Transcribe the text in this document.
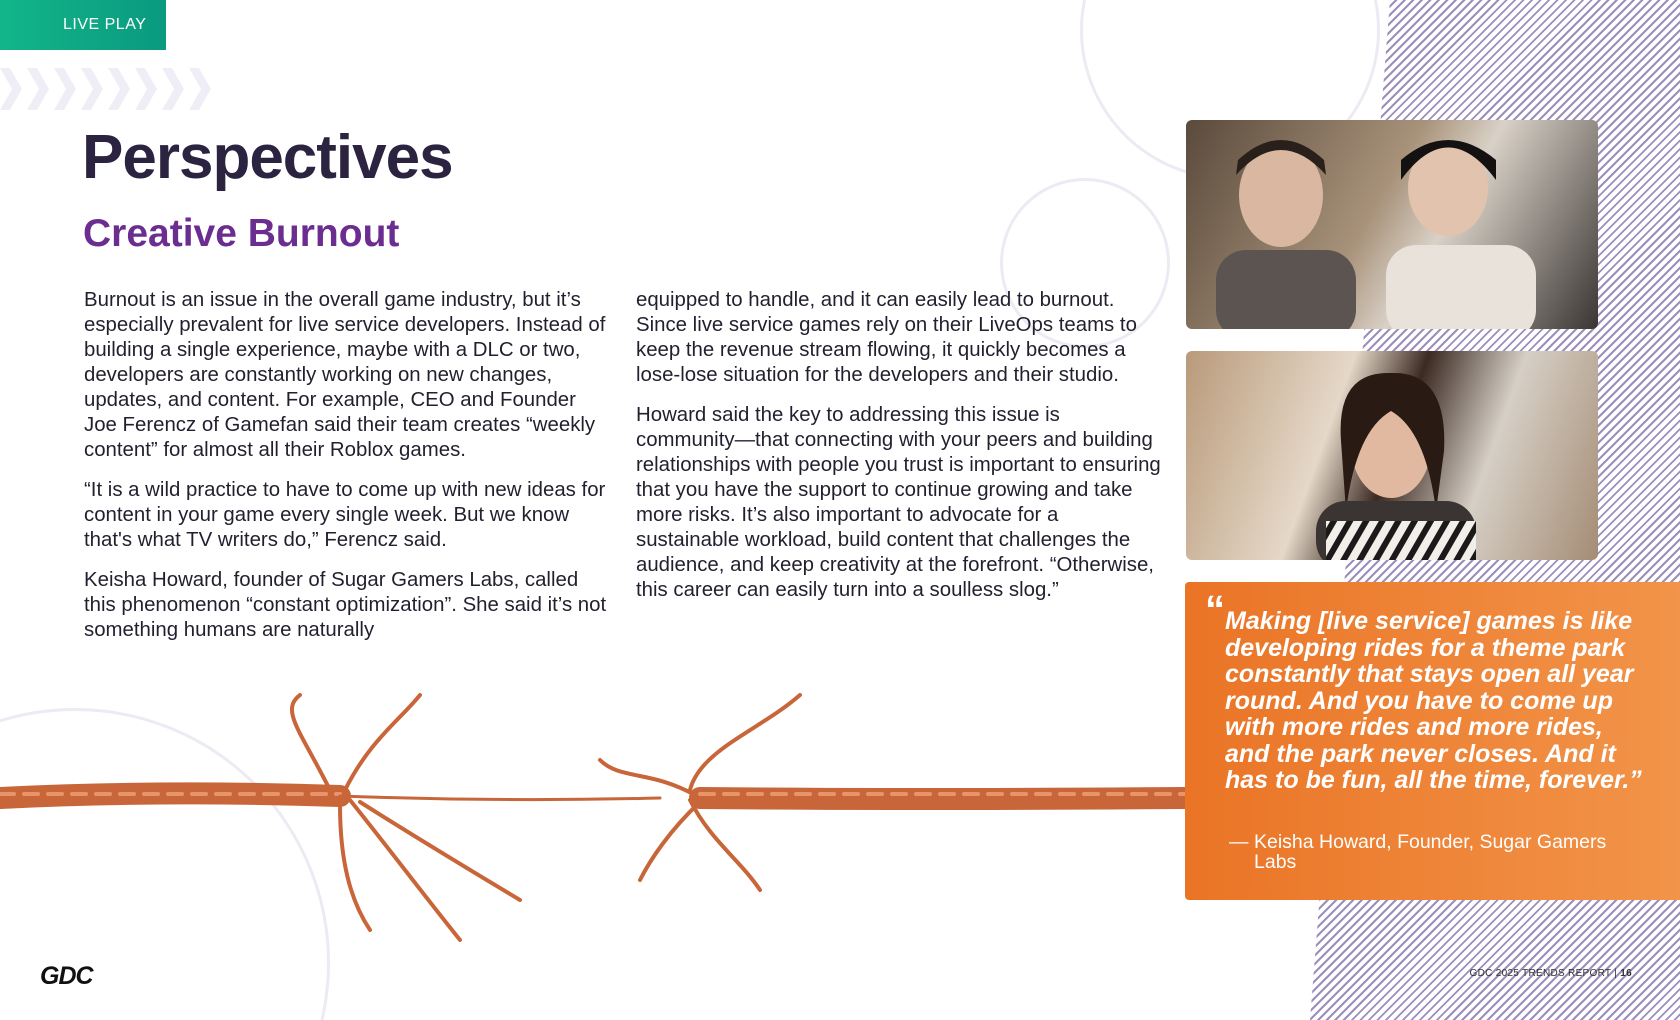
LIVE PLAY
Perspectives
Creative Burnout

Burnout is an issue in the overall game industry, but it’s especially prevalent for live service developers. Instead of building a single experience, maybe with a DLC or two, developers are constantly working on new changes, updates, and content. For example, CEO and Founder Joe Ferencz of Gamefan said their team creates “weekly content” for almost all their Roblox games.

“It is a wild practice to have to come up with new ideas for content in your game every single week. But we know that's what TV writers do,” Ferencz said.

Keisha Howard, founder of Sugar Gamers Labs, called this phenomenon “constant optimization”. She said it’s not something humans are naturally

equipped to handle, and it can easily lead to burnout. Since live service games rely on their LiveOps teams to keep the revenue stream flowing, it quickly becomes a lose-lose situation for the developers and their studio.

Howard said the key to addressing this issue is community—that connecting with your peers and building relationships with people you trust is important to ensuring that you have the support to continue growing and take more risks. It’s also important to advocate for a sustainable workload, build content that challenges the audience, and keep creativity at the forefront. “Otherwise, this career can easily turn into a soulless slog.”	“ Making [live service] games is like developing rides for a theme park constantly that stays open all year round. And you have to come up with more rides and more rides, and the park never closes. And it has to be fun, all the time, forever.”

— Keisha Howard, Founder, Sugar Gamers Labs

GDC	GDC 2025 TRENDS REPORT | 16
